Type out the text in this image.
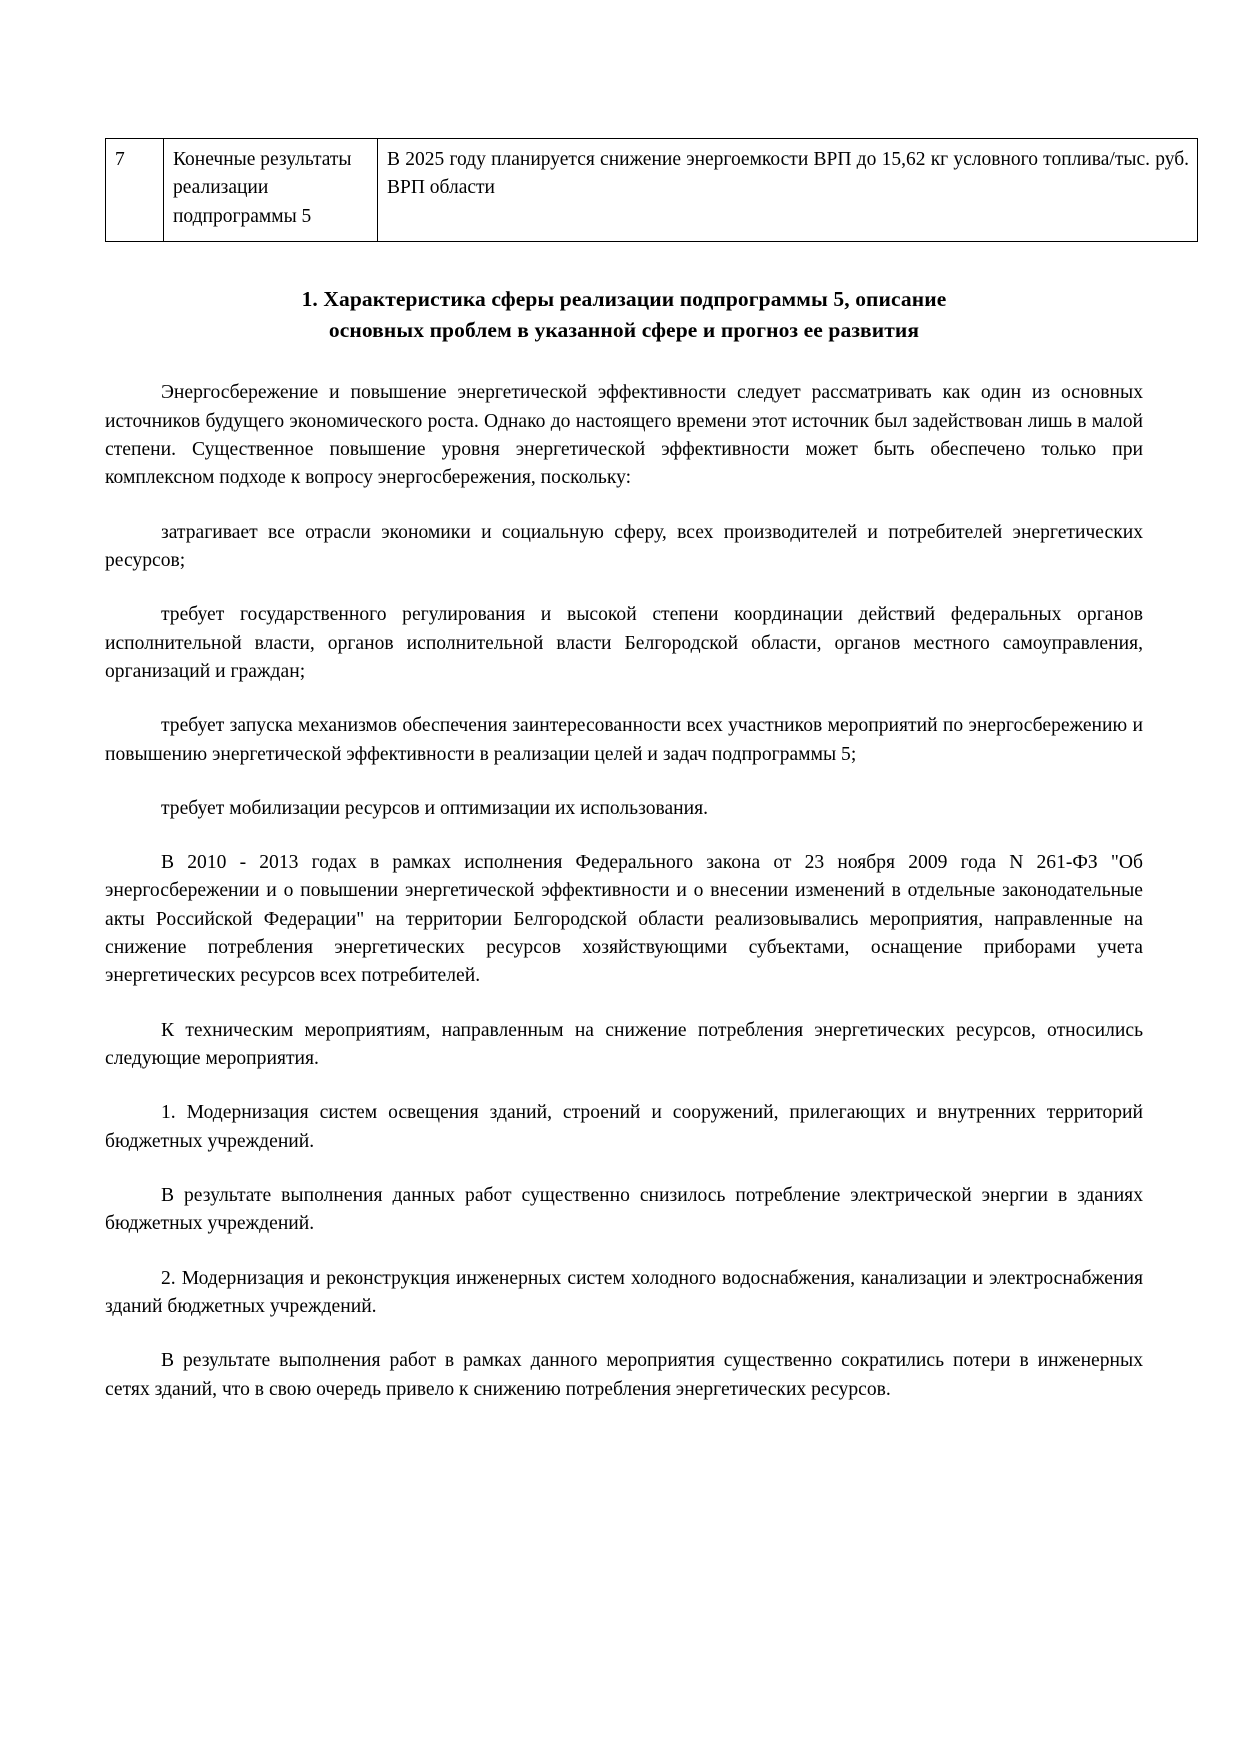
7	Конечные результаты реализации подпрограммы 5	В 2025 году планируется снижение энергоемкости ВРП до 15,62 кг условного топлива/тыс. руб. ВРП области
1. Характеристика сферы реализации подпрограммы 5, описание
основных проблем в указанной сфере и прогноз ее развития

Энергосбережение и повышение энергетической эффективности следует рассматривать как один из основных источников будущего экономического роста. Однако до настоящего времени этот источник был задействован лишь в малой степени. Существенное повышение уровня энергетической эффективности может быть обеспечено только при комплексном подходе к вопросу энергосбережения, поскольку:

затрагивает все отрасли экономики и социальную сферу, всех производителей и потребителей энергетических ресурсов;

требует государственного регулирования и высокой степени координации действий федеральных органов исполнительной власти, органов исполнительной власти Белгородской области, органов местного самоуправления, организаций и граждан;

требует запуска механизмов обеспечения заинтересованности всех участников мероприятий по энергосбережению и повышению энергетической эффективности в реализации целей и задач подпрограммы 5;

требует мобилизации ресурсов и оптимизации их использования.

В 2010 - 2013 годах в рамках исполнения Федерального закона от 23 ноября 2009 года N 261-ФЗ "Об энергосбережении и о повышении энергетической эффективности и о внесении изменений в отдельные законодательные акты Российской Федерации" на территории Белгородской области реализовывались мероприятия, направленные на снижение потребления энергетических ресурсов хозяйствующими субъектами, оснащение приборами учета энергетических ресурсов всех потребителей.

К техническим мероприятиям, направленным на снижение потребления энергетических ресурсов, относились следующие мероприятия.

1. Модернизация систем освещения зданий, строений и сооружений, прилегающих и внутренних территорий бюджетных учреждений.

В результате выполнения данных работ существенно снизилось потребление электрической энергии в зданиях бюджетных учреждений.

2. Модернизация и реконструкция инженерных систем холодного водоснабжения, канализации и электроснабжения зданий бюджетных учреждений.

В результате выполнения работ в рамках данного мероприятия существенно сократились потери в инженерных сетях зданий, что в свою очередь привело к снижению потребления энергетических ресурсов.
